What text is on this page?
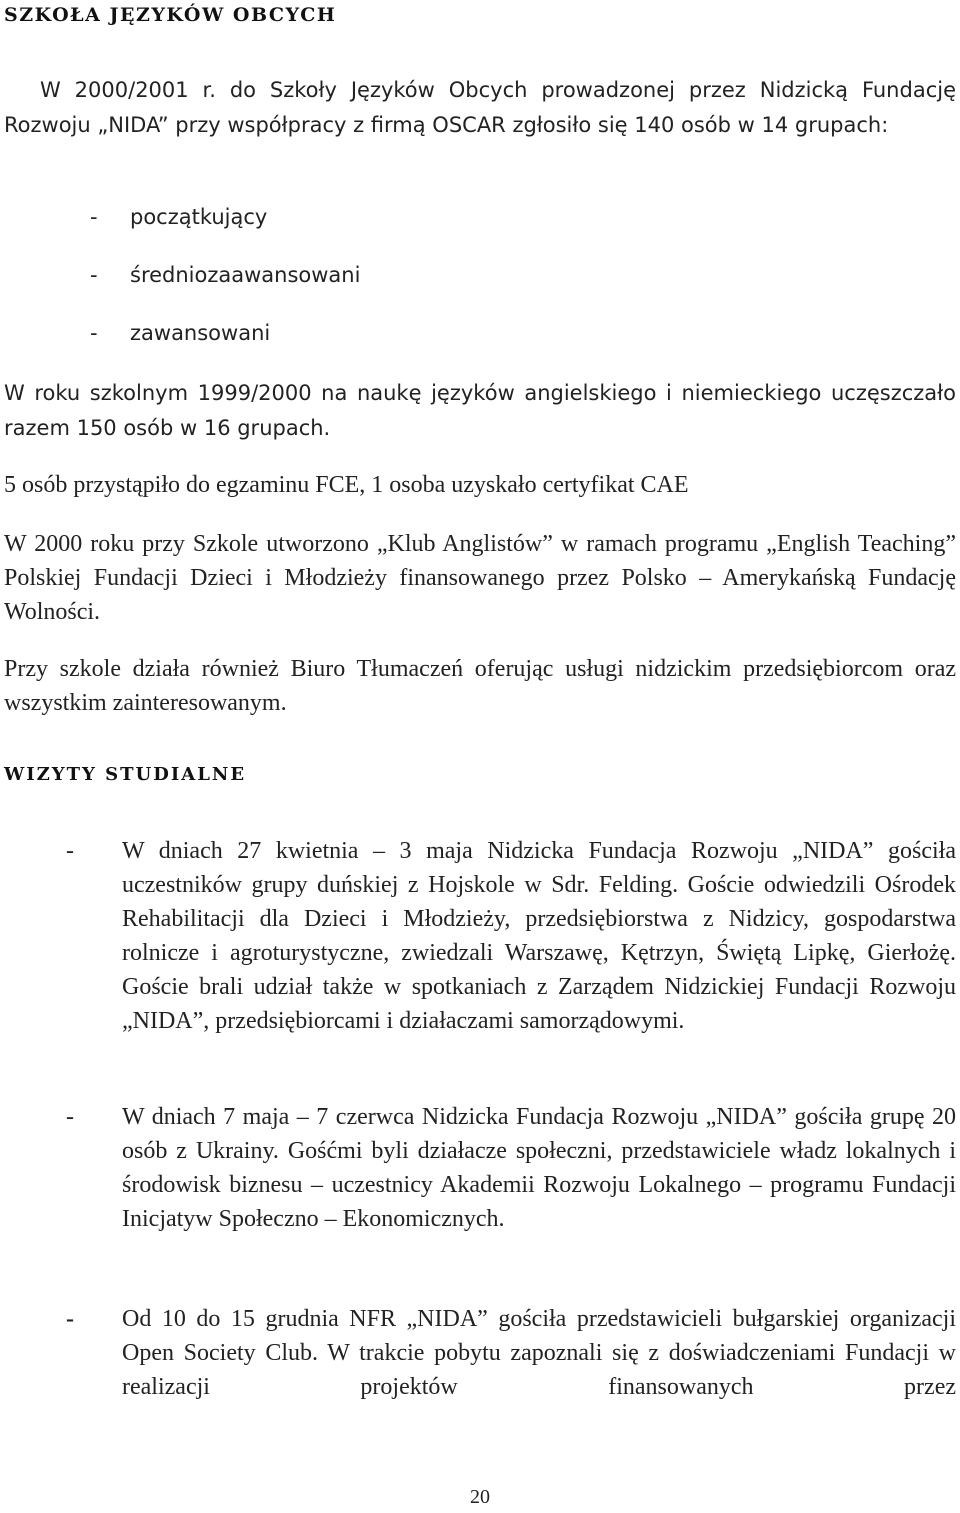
SZKOŁA JĘZYKÓW OBCYCH

W 2000/2001 r. do Szkoły Języków Obcych prowadzonej przez Nidzicką Fundację Rozwoju „NIDA” przy współpracy z firmą OSCAR zgłosiło się 140 osób w 14 grupach:

- początkujący
- średniozaawansowani
- zawansowani

W roku szkolnym 1999/2000 na naukę języków angielskiego i niemieckiego uczęszczało razem 150 osób w 16 grupach.

5 osób przystąpiło do egzaminu FCE, 1 osoba uzyskało certyfikat CAE

W 2000 roku przy Szkole utworzono „Klub Anglistów” w ramach programu „English Teaching” Polskiej Fundacji Dzieci i Młodzieży finansowanego przez Polsko – Amerykańską Fundację Wolności.

Przy szkole działa również Biuro Tłumaczeń oferując usługi nidzickim przedsiębiorcom oraz wszystkim zainteresowanym.

WIZYTY STUDIALNE
- W dniach 27 kwietnia – 3 maja Nidzicka Fundacja Rozwoju „NIDA” gościła uczestników grupy duńskiej z Hojskole w Sdr. Felding. Goście odwiedzili Ośrodek Rehabilitacji dla Dzieci i Młodzieży, przedsiębiorstwa z Nidzicy, gospodarstwa rolnicze i agroturystyczne, zwiedzali Warszawę, Kętrzyn, Świętą Lipkę, Gierłożę. Goście brali udział także w spotkaniach z Zarządem Nidzickiej Fundacji Rozwoju „NIDA”, przedsiębiorcami i działaczami samorządowymi.

- W dniach 7 maja – 7 czerwca Nidzicka Fundacja Rozwoju „NIDA” gościła grupę 20 osób z Ukrainy. Gośćmi byli działacze społeczni, przedstawiciele władz lokalnych i środowisk biznesu – uczestnicy Akademii Rozwoju Lokalnego – programu Fundacji Inicjatyw Społeczno – Ekonomicznych.

- Od 10 do 15 grudnia NFR „NIDA” gościła przedstawicieli bułgarskiej organizacji Open Society Club. W trakcie pobytu zapoznali się z doświadczeniami Fundacji w realizacji projektów finansowanych przez

20
